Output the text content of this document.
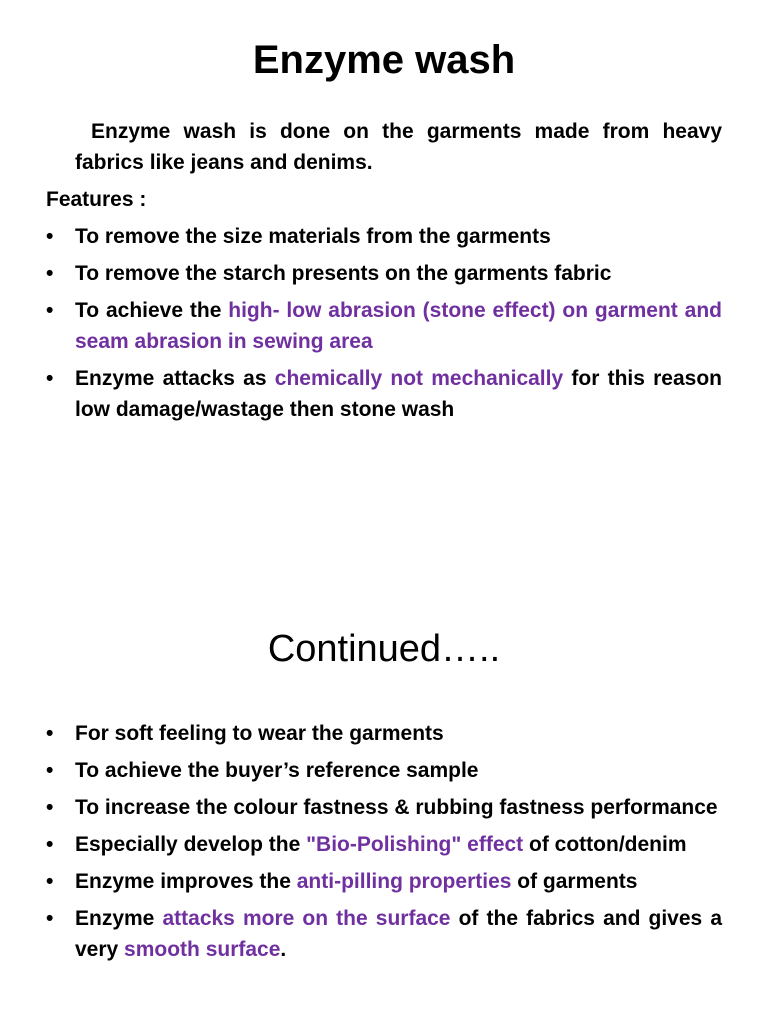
Enzyme wash

Enzyme wash is done on the garments made from heavy fabrics like jeans and denims.

Features :

• To remove the size materials from the garments
• To remove the starch presents on the garments fabric
• To achieve the high- low abrasion (stone effect) on garment and seam abrasion in sewing area
• Enzyme attacks as chemically not mechanically for this reason low damage/wastage then stone wash
Continued…..
• For soft feeling to wear the garments
• To achieve the buyer’s reference sample
• To increase the colour fastness & rubbing fastness performance
• Especially develop the "Bio-Polishing" effect of cotton/denim
• Enzyme improves the anti-pilling properties of garments
• Enzyme attacks more on the surface of the fabrics and gives a very smooth surface.
